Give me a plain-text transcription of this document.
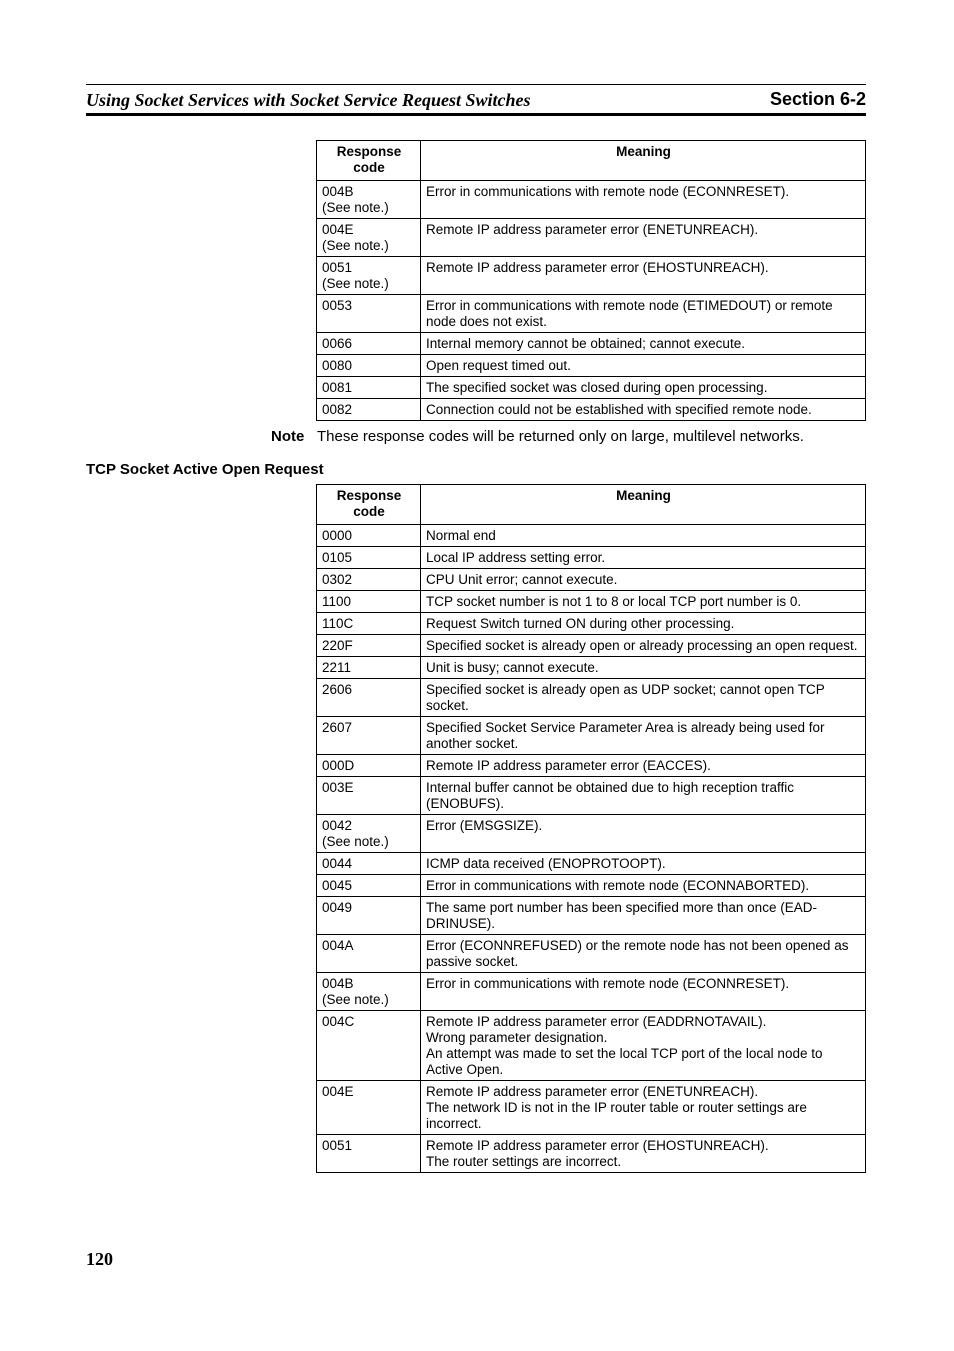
Using Socket Services with Socket Service Request Switches	Section 6-2
Response
code	Meaning
004B
(See note.)	Error in communications with remote node (ECONNRESET).
004E
(See note.)	Remote IP address parameter error (ENETUNREACH).
0051
(See note.)	Remote IP address parameter error (EHOSTUNREACH).
0053	Error in communications with remote node (ETIMEDOUT) or remote node does not exist.
0066	Internal memory cannot be obtained; cannot execute.
0080	Open request timed out.
0081	The specified socket was closed during open processing.
0082	Connection could not be established with specified remote node.
Note These response codes will be returned only on large, multilevel networks.
TCP Socket Active Open Request
Response
code	Meaning
0000	Normal end
0105	Local IP address setting error.
0302	CPU Unit error; cannot execute.
1100	TCP socket number is not 1 to 8 or local TCP port number is 0.
110C	Request Switch turned ON during other processing.
220F	Specified socket is already open or already processing an open request.
2211	Unit is busy; cannot execute.
2606	Specified socket is already open as UDP socket; cannot open TCP socket.
2607	Specified Socket Service Parameter Area is already being used for another socket.
000D	Remote IP address parameter error (EACCES).
003E	Internal buffer cannot be obtained due to high reception traffic (ENOBUFS).
0042
(See note.)	Error (EMSGSIZE).
0044	ICMP data received (ENOPROTOOPT).
0045	Error in communications with remote node (ECONNABORTED).
0049	The same port number has been specified more than once (EAD-
DRINUSE).
004A	Error (ECONNREFUSED) or the remote node has not been opened as passive socket.
004B
(See note.)	Error in communications with remote node (ECONNRESET).
004C	Remote IP address parameter error (EADDRNOTAVAIL).
Wrong parameter designation.
An attempt was made to set the local TCP port of the local node to Active Open.
004E	Remote IP address parameter error (ENETUNREACH).
The network ID is not in the IP router table or router settings are incorrect.
0051	Remote IP address parameter error (EHOSTUNREACH).
The router settings are incorrect.
120
